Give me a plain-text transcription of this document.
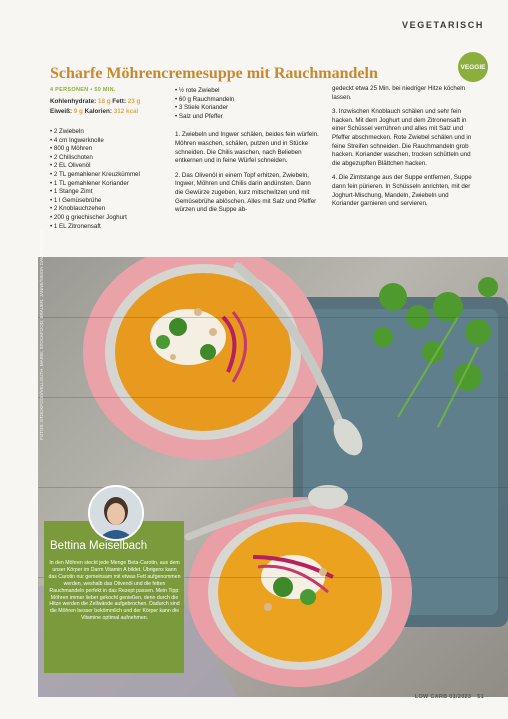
VEGETARISCH
VEGGIE
Scharfe Möhrencremesuppe mit Rauchmandeln
4 PERSONEN • 50 MIN.
Kohlenhydrate: 18 g Fett: 23 g
Eiweiß: 9 g Kalorien: 312 kcal
• 2 Zwiebeln
• 4 cm Ingwerknolle
• 800 g Möhren
• 2 Chilischoten
• 2 EL Olivenöl
• 2 TL gemahlener Kreuzkümmel
• 1 TL gemahlener Koriander
• 1 Stange Zimt
• 1 l Gemüsebrühe
• 2 Knoblauchzehen
• 200 g griechischer Joghurt
• 1 EL Zitronensaft
• ½ rote Zwiebel
• 60 g Rauchmandeln
• 3 Stiele Koriander
• Salz und Pfeffer

1. Zwiebeln und Ingwer schälen, beides fein würfeln. Möhren waschen, schälen, putzen und in Stücke schneiden. Die Chilis waschen, nach Belieben entkernen und in feine Würfel schneiden.

2. Das Olivenöl in einem Topf erhitzen, Zwiebeln, Ingwer, Möhren und Chilis darin andünsten. Dann die Gewürze zugeben, kurz mitschwitzen und mit Gemüsebrühe ablöschen. Alles mit Salz und Pfeffer würzen und die Suppe ab-

gedeckt etwa 25 Min. bei niedriger Hitze köcheln lassen.

3. Inzwischen Knoblauch schälen und sehr fein hacken. Mit dem Joghurt und dem Zitronensaft in einer Schüssel verrühren und alles mit Salz und Pfeffer abschmecken. Rote Zwiebel schälen und in feine Streifen schneiden. Die Rauchmandeln grob hacken. Koriander waschen, trocken schütteln und die abgezupften Blättchen hacken.

4. Die Zimtstange aus der Suppe entfernen, Suppe dann fein pürieren. In Schüsseln anrichten, mit der Joghurt-Mischung, Mandeln, Zwiebeln und Koriander garnieren und servieren.

FOTOS: STOCKFOOD/VELLGUTH, MARIE; STOCKFOOD; BRAUER, JANNE/SIMON DAVID FIMMERA
Bettina Meiselbach
In den Möhren steckt jede Menge Beta-Carotin, aus dem unser Körper im Darm Vitamin A bildet. Übrigens kann das Carotin nur gemeinsam mit etwas Fett aufgenommen werden, weshalb das Olivenöl und die fetten Rauchmandeln perfekt in das Rezept passen. Mein Tipp: Möhren immer lieber gekocht genießen, denn durch die Hitze werden die Zellwände aufgebrochen. Dadurch sind die Möhren besser bekömmlich und der Körper kann die Vitamine optimal aufnehmen.
LOW CARB 01/2023 51
